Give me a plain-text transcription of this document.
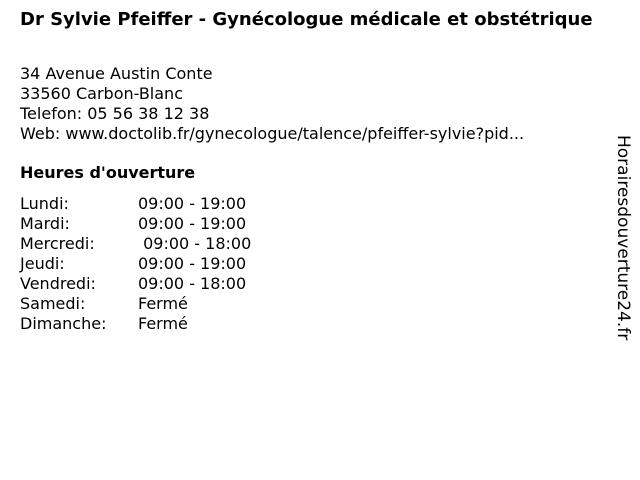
Dr Sylvie Pfeiffer - Gynécologue médicale et obstétrique
34 Avenue Austin Conte
33560 Carbon-Blanc
Telefon: 05 56 38 12 38
Web: www.doctolib.fr/gynecologue/talence/pfeiffer-sylvie?pid...
Heures d'ouverture
Lundi:	09:00 - 19:00
Mardi:	09:00 - 19:00
Mercredi:	09:00 - 18:00
Jeudi:	09:00 - 19:00
Vendredi:	09:00 - 18:00
Samedi:	Fermé
Dimanche:	Fermé	Horairesdouverture24.fr
